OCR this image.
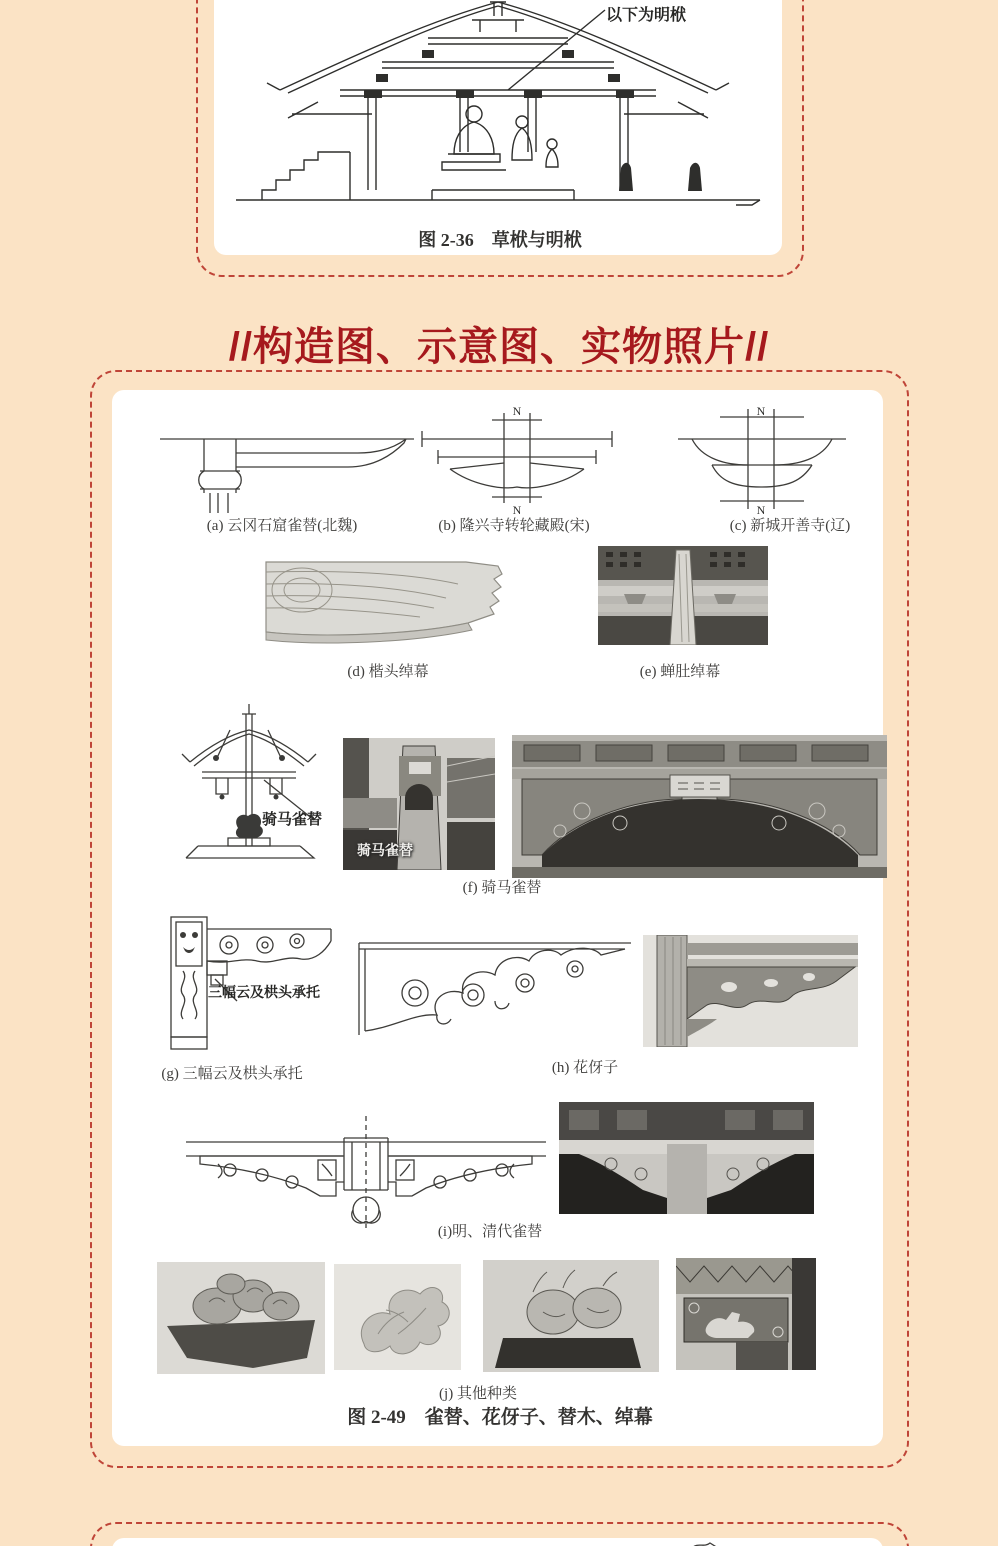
以下为明栿
图 2-36　草栿与明栿
//构造图、示意图、实物照片//
N
N
N
N
(a) 云冈石窟雀替(北魏)	(b) 隆兴寺转轮藏殿(宋)	(c) 新城开善寺(辽)
(d) 楷头绰幕	(e) 蝉肚绰幕
骑马雀替
骑马雀替
(f) 骑马雀替
三幅云及栱头承托
(g) 三幅云及栱头承托	(h) 花伢子
(i)明、清代雀替
(j) 其他种类
图 2-49　雀替、花伢子、替木、绰幕
